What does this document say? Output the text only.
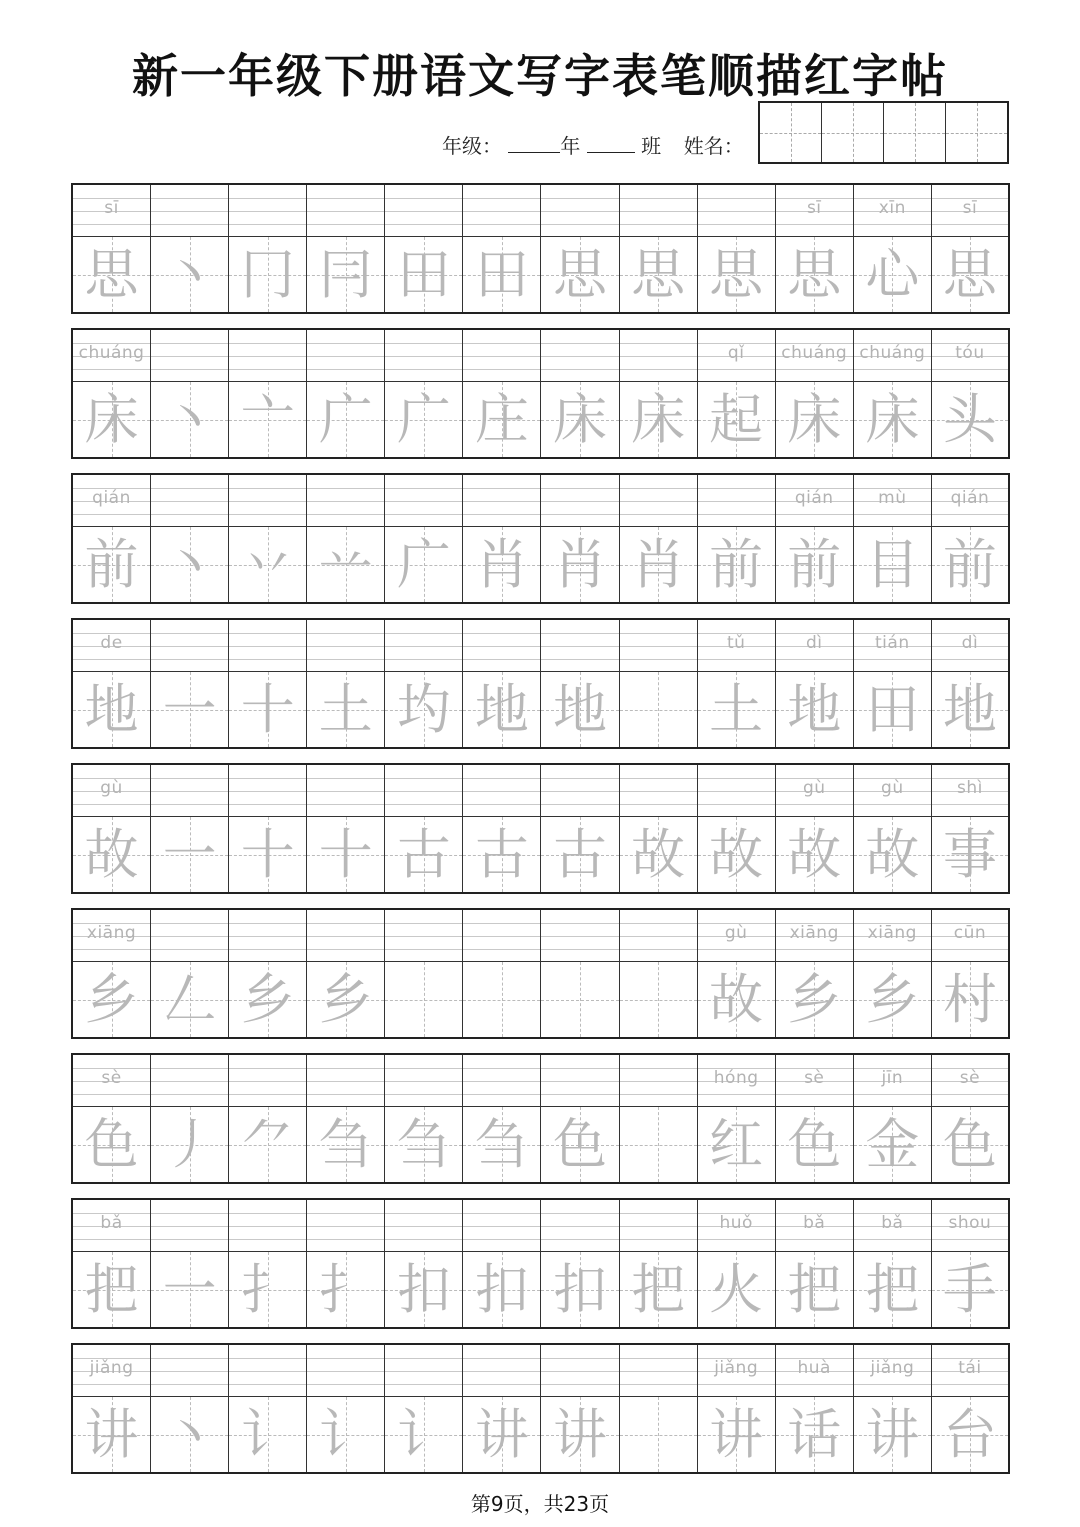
新一年级下册语文写字表笔顺描红字帖
年级：	年	班 姓名：
sī
思 丶 冂 冃 田 田 思 思 思
sī
思
xīn
心
sī
思
chuáng
床 丶 亠 广 广 庄 床 床
qǐ
起
chuáng
床
chuáng
床
tóu
头
qián
前 丶 丷 䒑 广 肖 肖 肖 前
qián
前
mù
目
qián
前
de
地 一 十 土 圴 地 地
tǔ
土
dì
地
tián
田
dì
地
gù
故 一 十 十 古 古 古 故 故
gù
故
gù
故
shì
事
xiāng
乡 𠃋 乡 乡
gù
故
xiāng
乡
xiāng
乡
cūn
村
sè
色 丿 ⺈ 刍 刍 刍 色
hóng
红
sè
色
jīn
金
sè
色
bǎ
把 一 扌 扌 扣 扣 扣 把
huǒ
火
bǎ
把
bǎ
把
shou
手
jiǎng
讲 丶 讠 讠 讠 讲 讲
jiǎng
讲
huà
话
jiǎng
讲
tái
台
第9页，共23页
